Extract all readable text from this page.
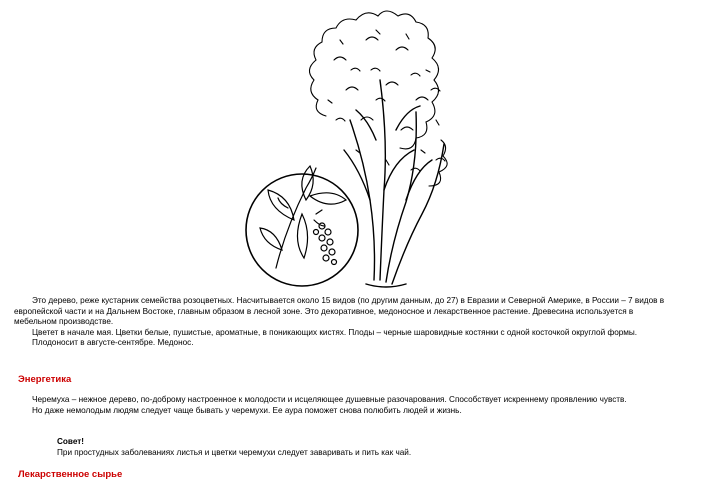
Это дерево, реже кустарник семейства розоцветных. Насчитывается около 15 видов (по другим данным, до 27) в Евразии и Северной Америке, в России – 7 видов в
европейской части и на Дальнем Востоке, главным образом в лесной зоне. Это декоративное, медоносное и лекарственное растение. Древесина используется в
мебельном производстве.
Цветет в начале мая. Цветки белые, пушистые, ароматные, в поникающих кистях. Плоды – черные шаровидные костянки с одной косточкой округлой формы.
Плодоносит в августе-сентябре. Медонос.

Энергетика

Черемуха – нежное дерево, по-доброму настроенное к молодости и исцеляющее душевные разочарования. Способствует искреннему проявлению чувств.
Но даже немолодым людям следует чаще бывать у черемухи. Ее аура поможет снова полюбить людей и жизнь.

Совет!
При простудных заболеваниях листья и цветки черемухи следует заваривать и пить как чай.
Лекарственное сырье
